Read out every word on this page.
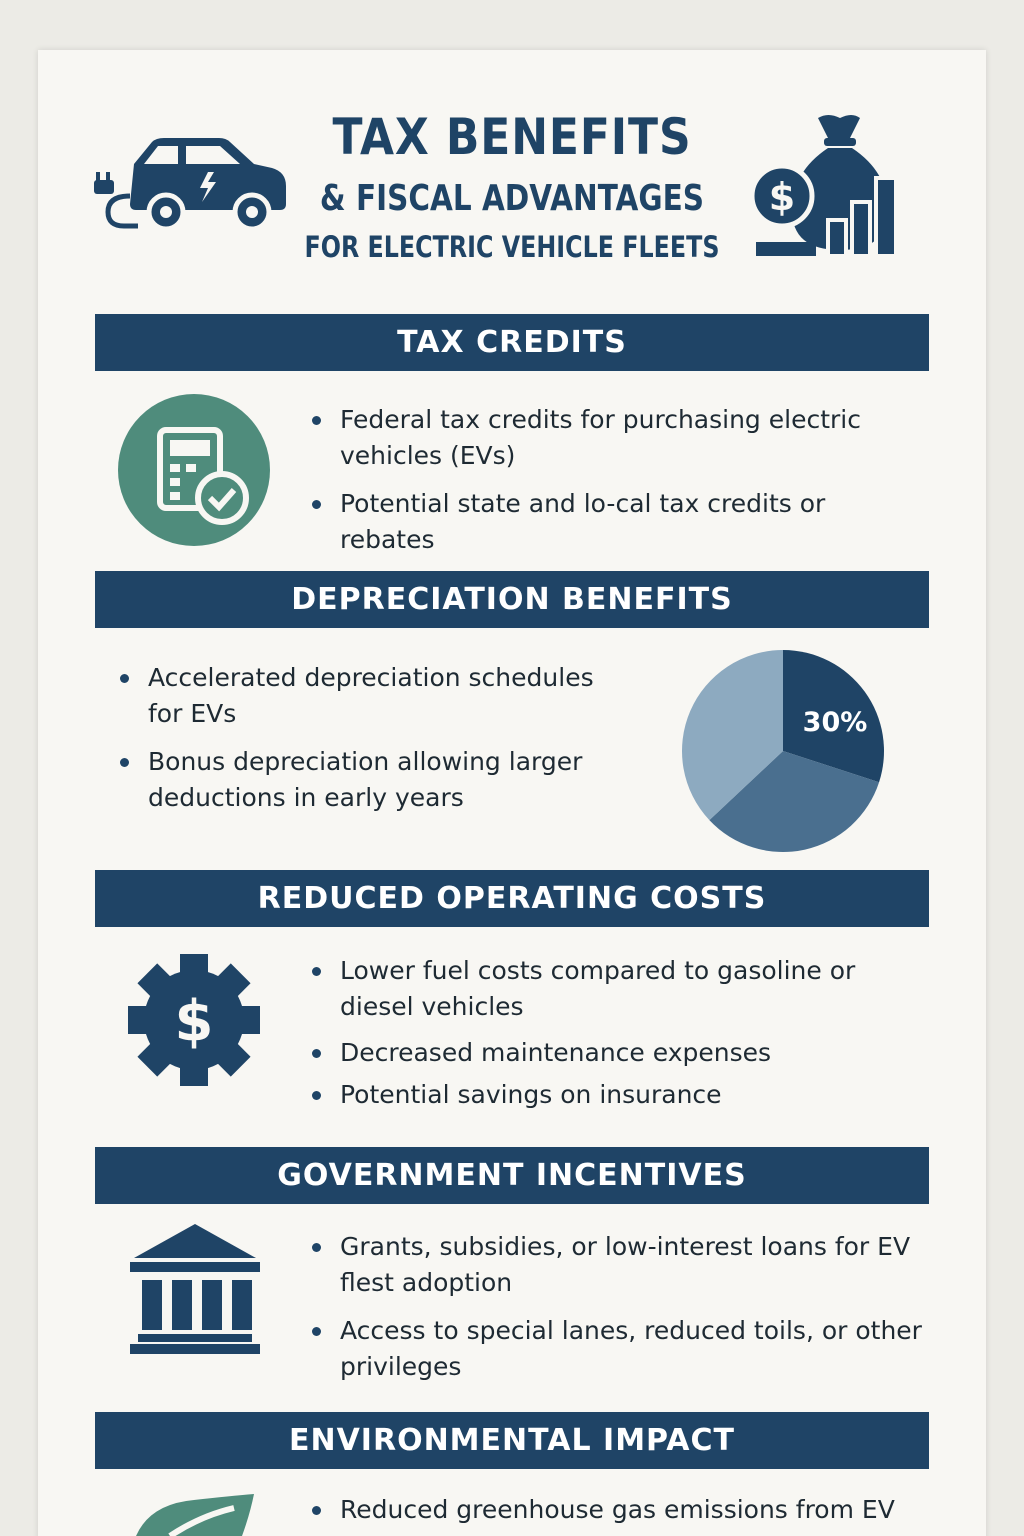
TAX BENEFITS
& FISCAL ADVANTAGES
FOR ELECTRIC VEHICLE FLEETS
$
TAX CREDITS
Federal tax credits for purchasing electric vehicles (EVs)
Potential state and lo-cal tax credits or rebates
DEPRECIATION BENEFITS
Accelerated depreciation schedules for EVs
Bonus depreciation allowing larger deductions in early years
30%
REDUCED OPERATING COSTS
$
Lower fuel costs compared to gasoline or diesel vehicles
Decreased maintenance expenses
Potential savings on insurance
GOVERNMENT INCENTIVES
Grants, subsidies, or low-interest loans for EV flest adoption
Access to special lanes, reduced toils, or other privileges
ENVIRONMENTAL IMPACT
Reduced greenhouse gas emissions from EV
